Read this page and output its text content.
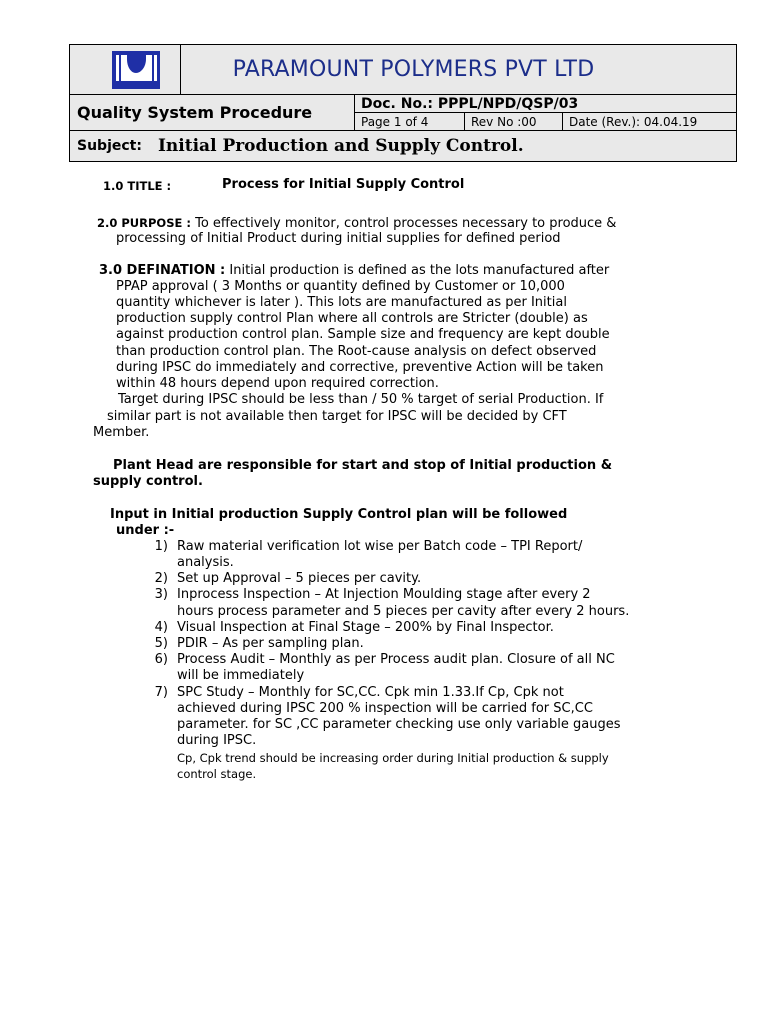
PARAMOUNT POLYMERS PVT LTD
Quality System Procedure	Doc. No.: PPPL/NPD/QSP/03
Page 1 of 4	Rev No :00	Date (Rev.): 04.04.19
Subject: Initial Production and Supply Control.
1.0 TITLE :	Process for Initial Supply Control
2.0 PURPOSE : To effectively monitor, control processes necessary to produce &
processing of Initial Product during initial supplies for defined period
3.0 DEFINATION : Initial production is defined as the lots manufactured after
PPAP approval ( 3 Months or quantity defined by Customer or 10,000
quantity whichever is later ). This lots are manufactured as per Initial
production supply control Plan where all controls are Stricter (double) as
against production control plan. Sample size and frequency are kept double
than production control plan. The Root-cause analysis on defect observed
during IPSC do immediately and corrective, preventive Action will be taken
within 48 hours depend upon required correction.
Target during IPSC should be less than / 50 % target of serial Production. If
similar part is not available then target for IPSC will be decided by CFT
Member.
Plant Head are responsible for start and stop of Initial production &
supply control.
Input in Initial production Supply Control plan will be followed
under :-
1) Raw material verification lot wise per Batch code – TPI Report/
analysis.
2) Set up Approval – 5 pieces per cavity.
3) Inprocess Inspection – At Injection Moulding stage after every 2
hours process parameter and 5 pieces per cavity after every 2 hours.
4) Visual Inspection at Final Stage – 200% by Final Inspector.
5) PDIR – As per sampling plan.
6) Process Audit – Monthly as per Process audit plan. Closure of all NC
will be immediately
7) SPC Study – Monthly for SC,CC. Cpk min 1.33.If Cp, Cpk not
achieved during IPSC 200 % inspection will be carried for SC,CC
parameter. for SC ,CC parameter checking use only variable gauges
during IPSC.
Cp, Cpk trend should be increasing order during Initial production & supply
control stage.
